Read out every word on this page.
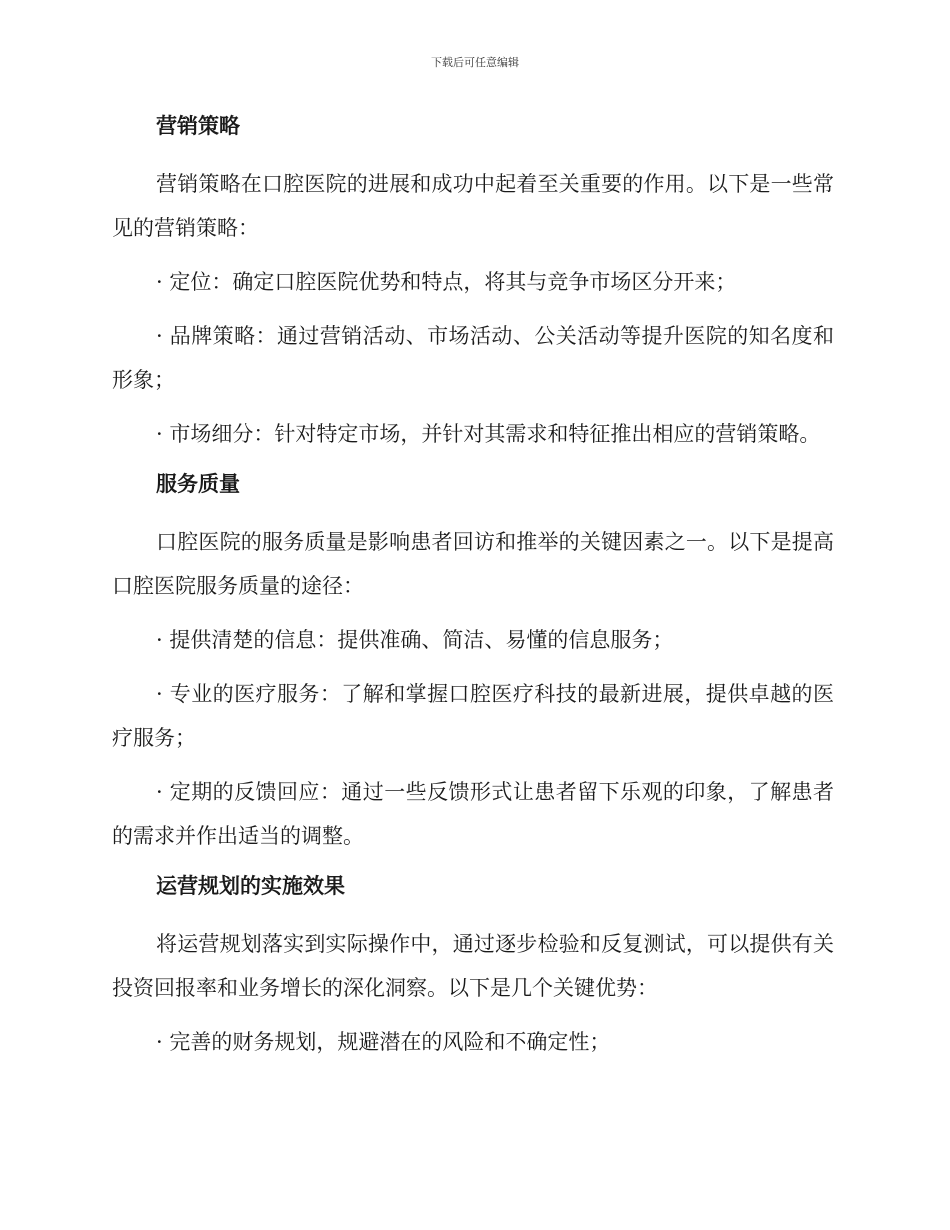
下载后可任意编辑
营销策略

营销策略在口腔医院的进展和成功中起着至关重要的作用。以下是一些常见的营销策略：

· 定位：确定口腔医院优势和特点，将其与竞争市场区分开来；

· 品牌策略：通过营销活动、市场活动、公关活动等提升医院的知名度和形象；

· 市场细分：针对特定市场，并针对其需求和特征推出相应的营销策略。

服务质量

口腔医院的服务质量是影响患者回访和推举的关键因素之一。以下是提高口腔医院服务质量的途径：

· 提供清楚的信息：提供准确、简洁、易懂的信息服务；

· 专业的医疗服务：了解和掌握口腔医疗科技的最新进展，提供卓越的医疗服务；

· 定期的反馈回应：通过一些反馈形式让患者留下乐观的印象，了解患者的需求并作出适当的调整。

运营规划的实施效果

将运营规划落实到实际操作中，通过逐步检验和反复测试，可以提供有关投资回报率和业务增长的深化洞察。以下是几个关键优势：

· 完善的财务规划，规避潜在的风险和不确定性；
